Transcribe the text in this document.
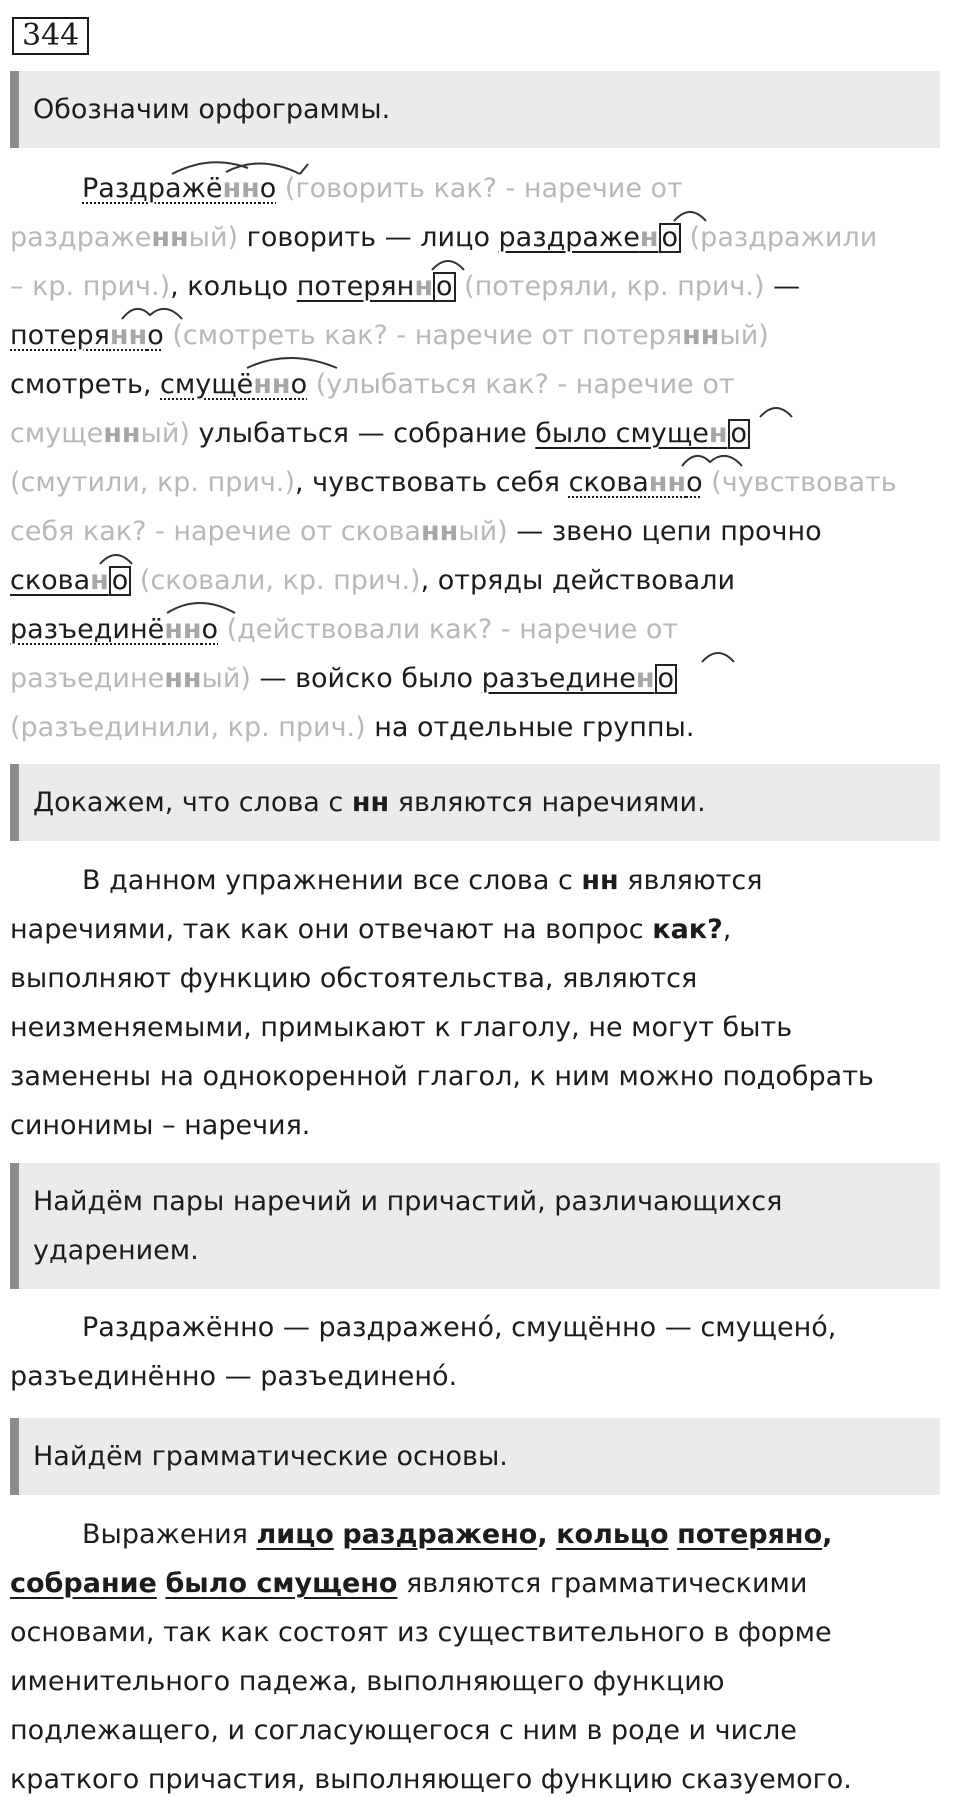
344
Обозначим орфограммы.
Раздражённо (говорить как? - наречие от
раздраженный) говорить — лицо раздражен о (раздражили
– кр. прич.), кольцо потерянн о (потеряли, кр. прич.) —
потерянно (смотреть как? - наречие от потерянный)
смотреть, смущённо (улыбаться как? - наречие от
смущенный) улыбаться — собрание было смущен о
(смутили, кр. прич.), чувствовать себя скованно (чувствовать
себя как? - наречие от скованный) — звено цепи прочно
скован о (сковали, кр. прич.), отряды действовали
разъединённо (действовали как? - наречие от
разъединенный) — войско было разъединен о
(разъединили, кр. прич.) на отдельные группы.
Докажем, что слова с нн являются наречиями.
В данном упражнении все слова с нн являются
наречиями, так как они отвечают на вопрос как?,
выполняют функцию обстоятельства, являются
неизменяемыми, примыкают к глаголу, не могут быть
заменены на однокоренной глагол, к ним можно подобрать
синонимы – наречия.
Найдём пары наречий и причастий, различающихся
ударением.
Раздражённо — раздражено́, смущённо — смущено́,
разъединённо — разъединено́.
Найдём грамматические основы.
Выражения лицо раздражено, кольцо потеряно,
собрание было смущено являются грамматическими
основами, так как состоят из существительного в форме
именительного падежа, выполняющего функцию
подлежащего, и согласующегося с ним в роде и числе
краткого причастия, выполняющего функцию сказуемого.
